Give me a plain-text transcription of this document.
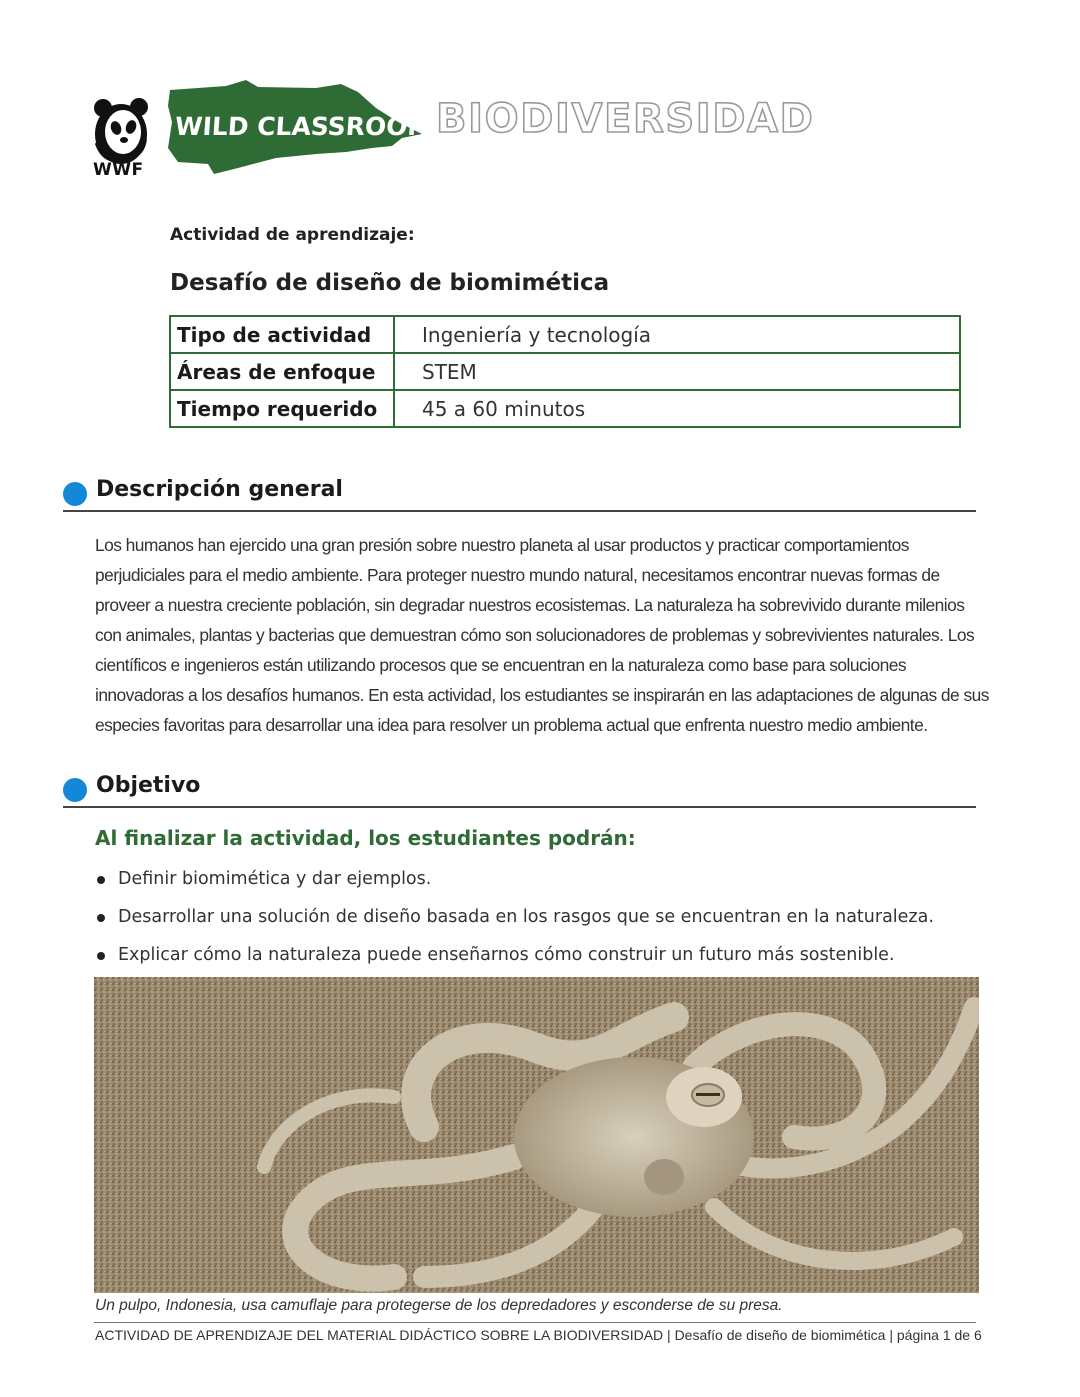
WWF
WILD CLASSROOM BIODIVERSIDAD
Actividad de aprendizaje:
Desafío de diseño de biomimética
Tipo de actividad	Ingeniería y tecnología
Áreas de enfoque	STEM
Tiempo requerido	45 a 60 minutos
Descripción general

Los humanos han ejercido una gran presión sobre nuestro planeta al usar productos y practicar comportamientos perjudiciales para el medio ambiente. Para proteger nuestro mundo natural, necesitamos encontrar nuevas formas de proveer a nuestra creciente población, sin degradar nuestros ecosistemas. La naturaleza ha sobrevivido durante milenios con animales, plantas y bacterias que demuestran cómo son solucionadores de problemas y sobrevivientes naturales. Los científicos e ingenieros están utilizando procesos que se encuentran en la naturaleza como base para soluciones innovadoras a los desafíos humanos. En esta actividad, los estudiantes se inspirarán en las adaptaciones de algunas de sus especies favoritas para desarrollar una idea para resolver un problema actual que enfrenta nuestro medio ambiente.

Objetivo
Al finalizar la actividad, los estudiantes podrán:
Definir biomimética y dar ejemplos.
Desarrollar una solución de diseño basada en los rasgos que se encuentran en la naturaleza.
Explicar cómo la naturaleza puede enseñarnos cómo construir un futuro más sostenible.
Un pulpo, Indonesia, usa camuflaje para protegerse de los depredadores y esconderse de su presa.
ACTIVIDAD DE APRENDIZAJE DEL MATERIAL DIDÁCTICO SOBRE LA BIODIVERSIDAD | Desafío de diseño de biomimética | página 1 de 6
